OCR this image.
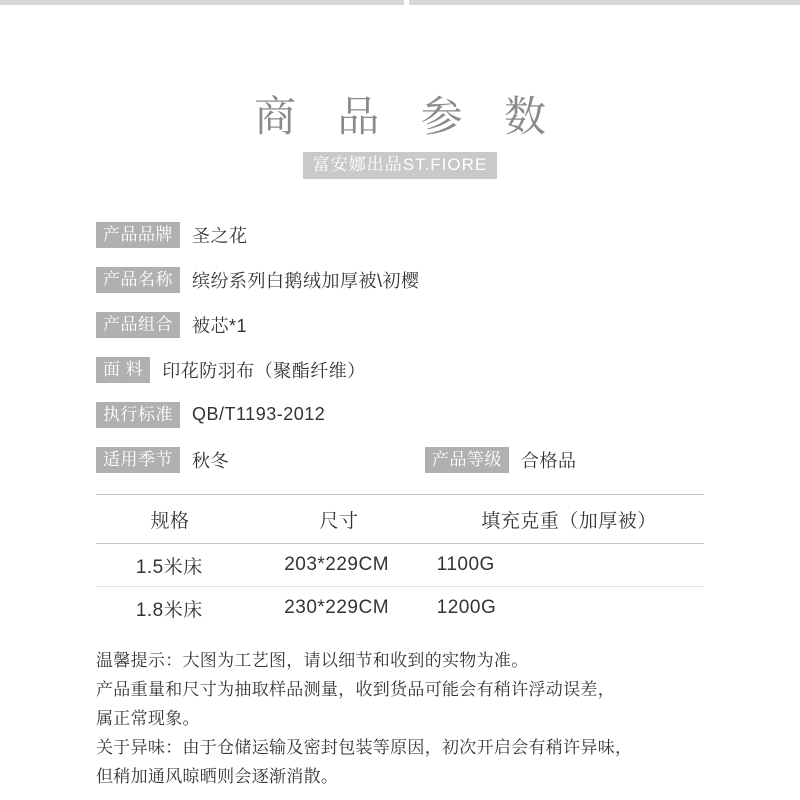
商 品 参 数
富安娜出品ST.FIORE
产品品牌	圣之花
产品名称	缤纷系列白鹅绒加厚被\初樱
产品组合	被芯*1
面 料	印花防羽布（聚酯纤维）
执行标准	QB/T1193-2012
适用季节	秋冬	产品等级	合格品
规格	尺寸	填充克重（加厚被）
1.5米床	203*229CM	1100G
1.8米床	230*229CM	1200G
温馨提示：大图为工艺图，请以细节和收到的实物为准。
产品重量和尺寸为抽取样品测量，收到货品可能会有稍许浮动误差，
属正常现象。
关于异味：由于仓储运输及密封包装等原因，初次开启会有稍许异味，
但稍加通风晾晒则会逐渐消散。
